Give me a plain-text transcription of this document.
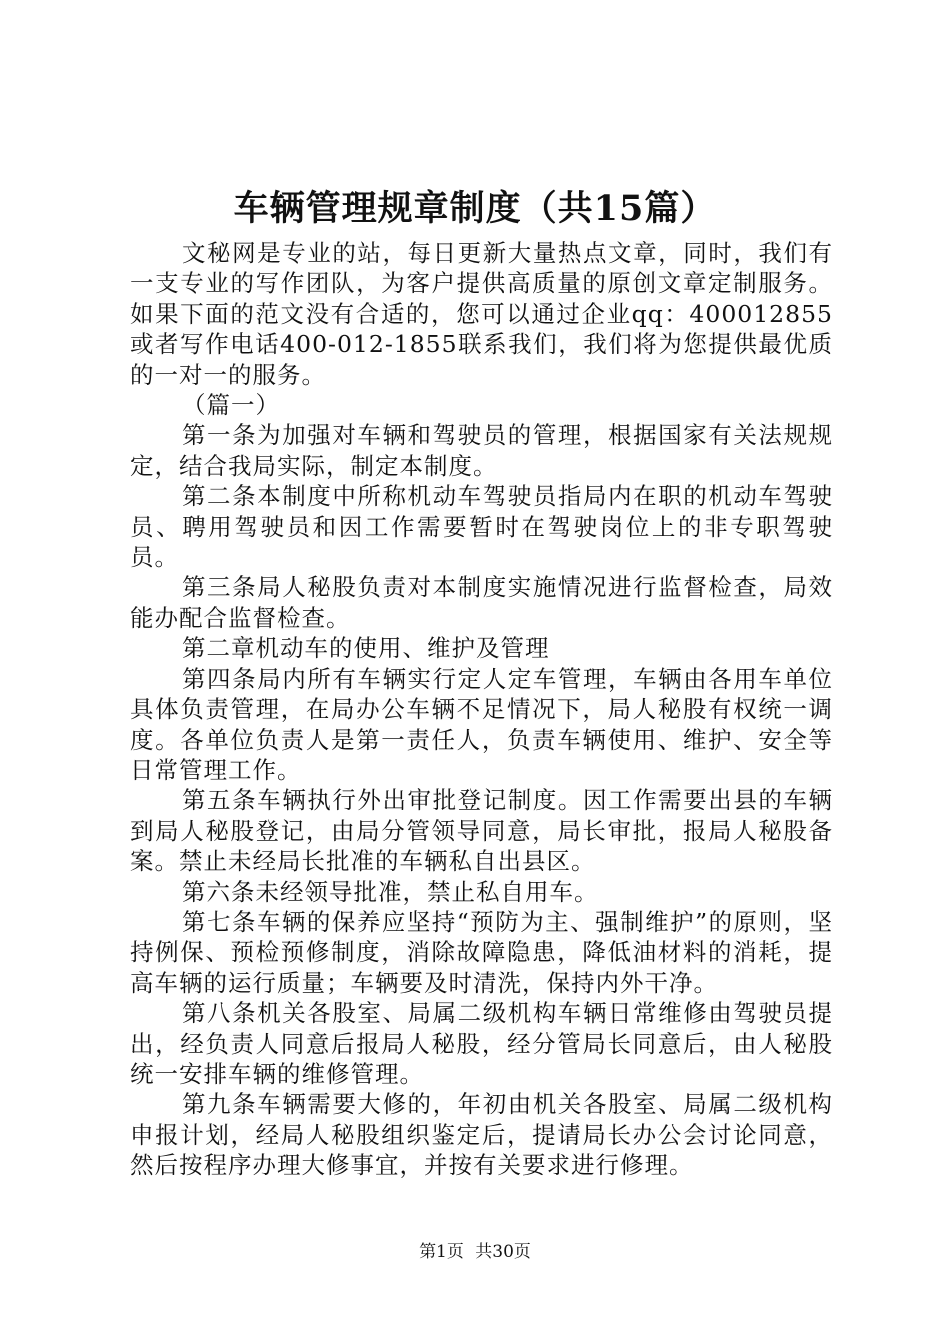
车辆管理规章制度（共15篇）

文秘网是专业的站，每日更新大量热点文章，同时，我们有一支专业的写作团队，为客户提供高质量的原创文章定制服务。如果下面的范文没有合适的，您可以通过企业qq：400012855或者写作电话400-012-1855联系我们，我们将为您提供最优质的一对一的服务。

（篇一）

第一条为加强对车辆和驾驶员的管理，根据国家有关法规规定，结合我局实际，制定本制度。

第二条本制度中所称机动车驾驶员指局内在职的机动车驾驶员、聘用驾驶员和因工作需要暂时在驾驶岗位上的非专职驾驶员。

第三条局人秘股负责对本制度实施情况进行监督检查，局效能办配合监督检查。

第二章机动车的使用、维护及管理

第四条局内所有车辆实行定人定车管理，车辆由各用车单位具体负责管理，在局办公车辆不足情况下，局人秘股有权统一调度。各单位负责人是第一责任人，负责车辆使用、维护、安全等日常管理工作。

第五条车辆执行外出审批登记制度。因工作需要出县的车辆到局人秘股登记，由局分管领导同意，局长审批，报局人秘股备案。禁止未经局长批准的车辆私自出县区。

第六条未经领导批准，禁止私自用车。

第七条车辆的保养应坚持“预防为主、强制维护”的原则，坚持例保、预检预修制度，消除故障隐患，降低油材料的消耗，提高车辆的运行质量；车辆要及时清洗，保持内外干净。

第八条机关各股室、局属二级机构车辆日常维修由驾驶员提出，经负责人同意后报局人秘股，经分管局长同意后，由人秘股统一安排车辆的维修管理。

第九条车辆需要大修的，年初由机关各股室、局属二级机构申报计划，经局人秘股组织鉴定后，提请局长办公会讨论同意，然后按程序办理大修事宜，并按有关要求进行修理。

第1页 共30页
